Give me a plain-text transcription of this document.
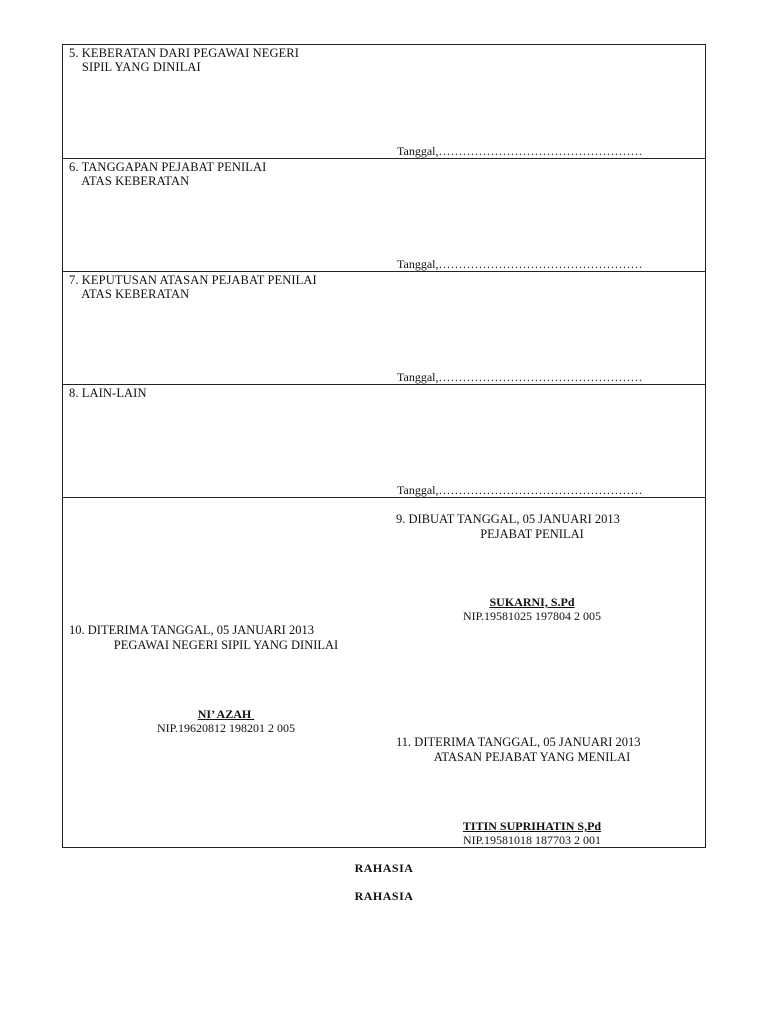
5. KEBERATAN DARI PEGAWAI NEGERI
SIPIL YANG DINILAI
Tanggal,……………………………………………
6. TANGGAPAN PEJABAT PENILAI
ATAS KEBERATAN
Tanggal,……………………………………………
7. KEPUTUSAN ATASAN PEJABAT PENILAI
ATAS KEBERATAN
Tanggal,……………………………………………
8. LAIN-LAIN
Tanggal,……………………………………………
9. DIBUAT TANGGAL, 05 JANUARI 2013
PEJABAT PENILAI
SUKARNI, S.Pd
NIP.19581025 197804 2 005
10. DITERIMA TANGGAL, 05 JANUARI 2013
PEGAWAI NEGERI SIPIL YANG DINILAI
NI’ AZAH
NIP.19620812 198201 2 005
11. DITERIMA TANGGAL, 05 JANUARI 2013
ATASAN PEJABAT YANG MENILAI
TITIN SUPRIHATIN S,Pd
NIP.19581018 187703 2 001
RAHASIA
RAHASIA
